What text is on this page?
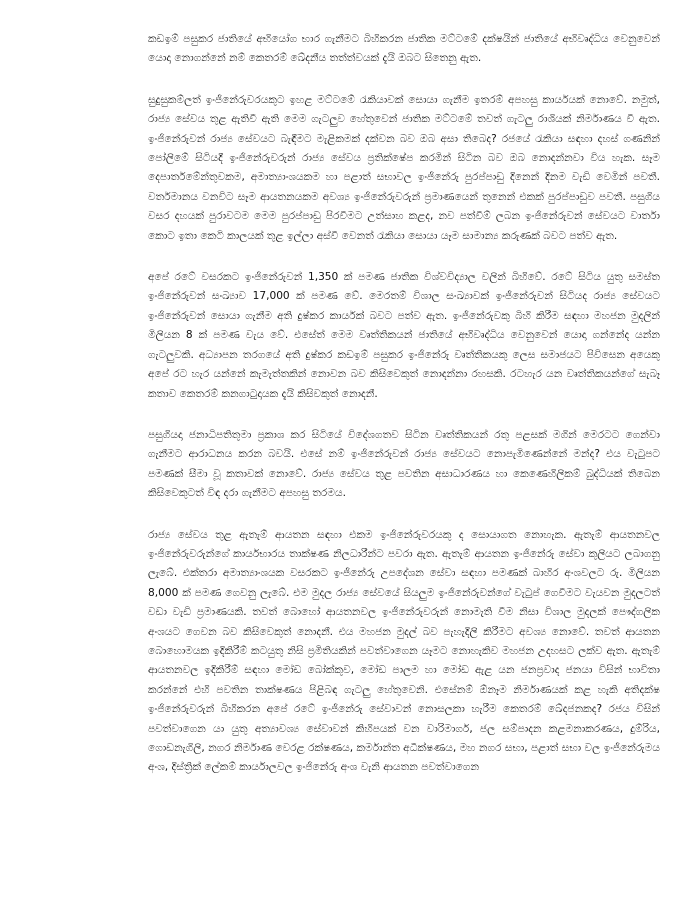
කඩඉම් පසුකර ජාතියේ අභියෝග භාර ගැනීමට බිහිකරන ජාතික මට්ටමේ දක්ෂයින් ජාතියේ අභිවෘද්ධිය වෙනුවෙන් යොදා නොගන්නේ නම් කෙතරම් ඛේදනීය තත්ත්වයක් දැයි ඔබට සිතෙනු ඇත.

සුදුසුකම්ලත් ඉංජිනේරුවරයකුට ඉහළ මට්ටමේ රැකියාවක් සොයා ගැනීම ඉතරම් අපහසු කාර්යයක් නොවේ. නමුත්, රාජ්‍ය සේවය තුළ ඇතිවී ඇති මෙම ගැටලුව හේතුවෙන් ජාතික මට්ටමේ තවත් ගැටලු රාශියක් නිර්මාණය වී ඇත. ඉංජිනේරුවන් රාජ්‍ය සේවයට බැඳීමට මැළිකමක් දක්වන බව ඔබ අසා තිබෙද? රජයේ රැකියා සඳහා දහස් ගණනින් පෝලිමේ සිටියදී ඉංජිනේරුවරුන් රාජ්‍ය සේවය ප්‍රතික්ෂේප කරමින් සිටින බව ඔබ නොදන්නවා විය හැක. සෑම දෙපාර්තමේන්තුවකම, අමාත්‍යාංශයකම හා පළාත් සභාවල ඉංජිනේරු පුරප්පාඩු දිනෙන් දිනම වැඩි වෙමින් පවතී. වර්තමානය වනවිට සෑම ආයතනයකම අවශ්‍ය ඉංජිනේරුවරුන් ප්‍රමාණයෙන් තුනෙන් එකක් පුරප්පාඩුව පවතී. පසුගිය වසර දහයක් පුරාවටම මෙම පුරප්පාඩු පිරවීමට උත්සාහ කළද, නව පත්වීම් ලබන ඉංජිනේරුවන් සේවයට වාර්තා කොට ඉතා කෙටි කාලයක් තුළ ඉල්ලා අස්වී වෙනත් රැකියා සොයා යෑම සාමාන්‍ය කරුණක් බවට පත්ව ඇත.

අපේ රටේ වසරකට ඉංජිනේරුවන් 1,350 ක් පමණ ජාතික විශ්වවිද්‍යාල වලින් බිහිවේ. රටේ සිටිය යුතු සමස්ත ඉංජිනේරුවන් සංඛ්‍යාව 17,000 ක් පමණ වේ. මෙරතම් විශාල සංඛ්‍යාවක් ඉංජිනේරුවන් සිටියද රාජ්‍ය සේවයට ඉංජිනේරුවන් සොයා ගැනීම අති දුෂ්කර කාර්යක් බවට පත්ව ඇත. ඉංජිනේරුවකු බිහි කිරීම සඳහා මහජන මුදලින් මිලියන 8 ක් පමණ වැය වේ. එසේත් මෙම වෘත්තිකයන් ජාතියේ අභිවෘද්ධිය වෙනුවෙන් යොදා ගන්නේද යන්න ගැටලුවකි. අධ්‍යාපන තරගයේ අති දුෂ්කර කඩඉම් පසුකර ඉංජිනේරු වෘත්තිකයකු ලෙස සමාජයට පිවිසෙන අයෙකු අපේ රට හැර යන්නේ කැමැත්තකින් නොවන බව කිසිවෙකුත් නොදන්නා රහසකි. රටහැර යන වෘත්තිකයන්ගේ සැබෑ කතාව කෙතරම් කනගාටුදායක දැයි කිසිවකුත් නොදනී.

පසුගියදා ජනාධිපතිතුමා ප්‍රකාශ කර සිටියේ විදේශගතව සිටින වෘත්තිකයන් රතු පළසක් මගින් මෙරටට ගෙන්වා ගැනීමට ආරාධනය කරන බවයි. එසේ නම් ඉංජිනේරුවන් රාජ්‍ය සේවයට නොපැමිණෙන්නේ මන්ද? එය වැටුපට පමණක් සීමා වූ කතාවක් නොවේ. රාජ්‍ය සේවය තුළ පවතින අසාධාරණය හා කෙණෙහිලිකම් බුද්ධියක් තිබෙන කිසිවෙකුටත් විඳ දරා ගැනීමට අපහසු තරමය.

රාජ්‍ය සේවය තුළ ඇතැම් ආයතන සඳහා එකම ඉංජිනේරුවරයකු ද සොයාගත නොහැක. ඇතැම් ආයතනවල ඉංජිනේරුවරුන්ගේ කාර්යභාරය තාක්ෂණ නිලධාරීන්ට පවරා ඇත. ඇතැම් ආයතන ඉංජිනේරු සේවා කුලියට ලබාගනු ලැබේ. එක්තරා අමාත්‍යාංශයක වසරකට ඉංජිනේරු උපදේශන සේවා සඳහා පමණක් බාහිර අංශවලට රු. මිලියන 8,000 ක් පමණ ගෙවනු ලැබේ. එම මුදල රාජ්‍ය සේවයේ සියලුම ඉංජිනේරුවන්ගේ වැටුප් ගෙවීමට වැයවන මුදලටත් වඩා වැඩි ප්‍රමාණයකි. තවත් බොහෝ ආයතනවල ඉංජිනේරුවරුන් නොමැති වීම නිසා විශාල මුදලක් පෞද්ගලික අංශයට ගෙවන බව කිසිවෙකුත් නොදනී. එය මහජන මුදල් බව පැහැදිලි කිරීමට අවශ්‍ය නොවේ. තවත් ආයතන බොහොමයක ඉදිකිරීම් කටයුතු නිසි ප්‍රමිතියකින් පවත්වාගෙන යෑමට නොහැකිව මහජන උදහසට ලක්ව ඇත. ඇතැම් ආයතනවල ඉදිකිරීම් සඳහා මෝඩ බෝක්කුව, මෝඩ පාලම හා මෝඩ ඇළ යන ජනප්‍රවාද ජනයා විසින් භාවිතා කරන්නේ එහි පවතින තාක්ෂණය පිළිබඳ ගැටලු හේතුවෙනි. එසේනම් ඕනෑම නිර්මාණයක් කළ හැකි අතිදක්ෂ ඉංජිනේරුවරුන් බිහිකරන අපේ රටේ ඉංජිනේරු සේවාවන් නොසලකා හැරීම කෙතරම් ඛේදජනකද? රජය විසින් පවත්වාගෙන යා යුතු අත්‍යාවශ්‍ය සේවාවන් කිහිපයක් වන වාරිමාර්ග, ජල සම්පාදන කළමනාකරණය, දුම්රිය, ගොඩනැගිලි, නගර නිර්මාණ වෙරළ රක්ෂණය, කර්මාන්ත අධීක්ෂණය, මහ නගර සභා, පළාත් සභා වල ඉංජිනේරුමය අංශ, දිස්ත්‍රික් ලේකම් කාර්යාලවල ඉංජිනේරු අංශ වැනි ආයතන පවත්වාගෙන
